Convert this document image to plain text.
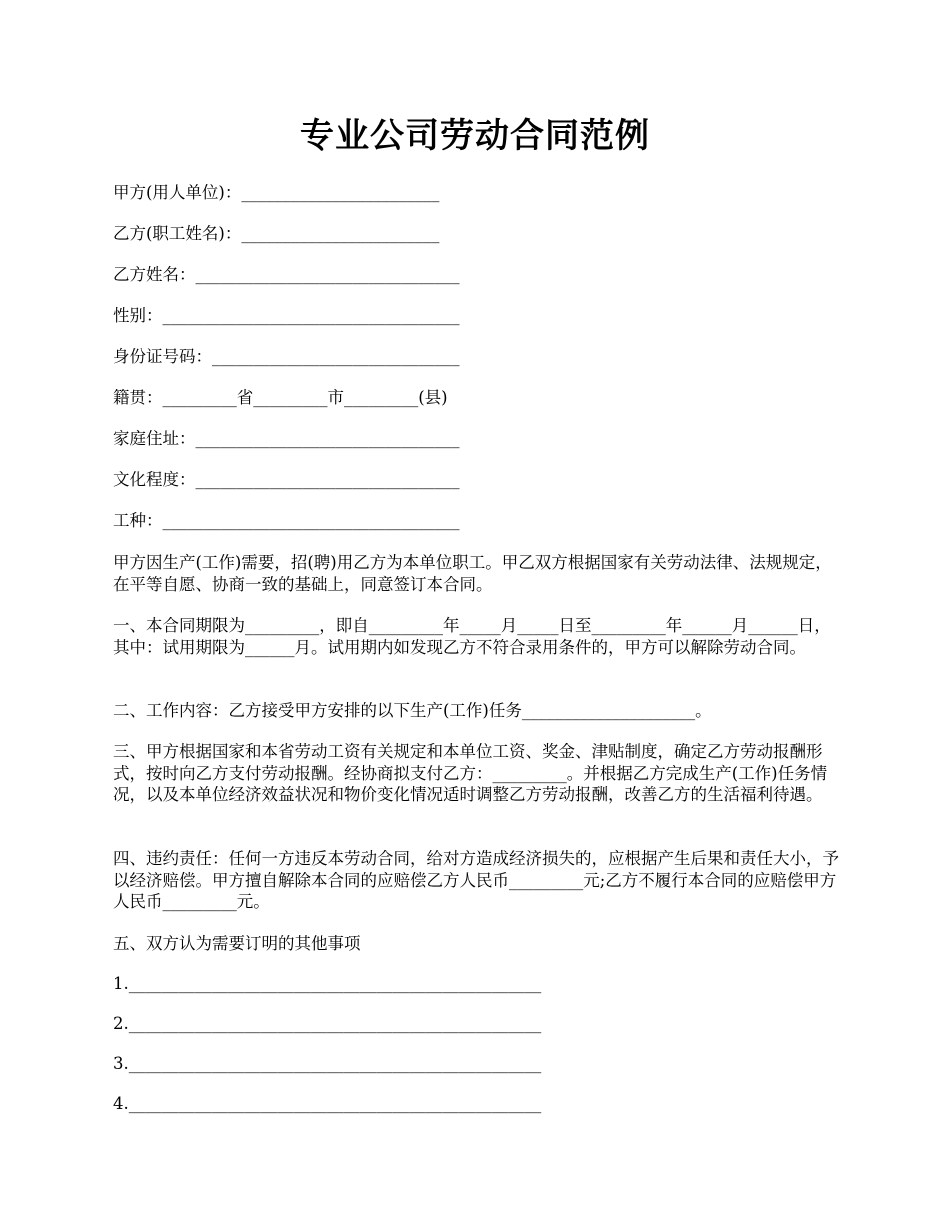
专业公司劳动合同范例
甲方(用人单位)：________________________
乙方(职工姓名)：________________________
乙方姓名：________________________________
性别：____________________________________
身份证号码：______________________________
籍贯：_________省_________市_________(县)
家庭住址：________________________________
文化程度：________________________________
工种：____________________________________

甲方因生产(工作)需要，招(聘)用乙方为本单位职工。甲乙双方根据国家有关劳动法律、法规规定，在平等自愿、协商一致的基础上，同意签订本合同。

一、本合同期限为_________，即自_________年_____月_____日至_________年______月______日，其中：试用期限为______月。试用期内如发现乙方不符合录用条件的，甲方可以解除劳动合同。

二、工作内容：乙方接受甲方安排的以下生产(工作)任务_____________________。

三、甲方根据国家和本省劳动工资有关规定和本单位工资、奖金、津贴制度，确定乙方劳动报酬形式，按时向乙方支付劳动报酬。经协商拟支付乙方：_________。并根据乙方完成生产(工作)任务情况，以及本单位经济效益状况和物价变化情况适时调整乙方劳动报酬，改善乙方的生活福利待遇。

四、违约责任：任何一方违反本劳动合同，给对方造成经济损失的，应根据产生后果和责任大小，予以经济赔偿。甲方擅自解除本合同的应赔偿乙方人民币_________元;乙方不履行本合同的应赔偿甲方人民币_________元。

五、双方认为需要订明的其他事项

1.__________________________________________________
2.__________________________________________________
3.__________________________________________________
4.__________________________________________________
